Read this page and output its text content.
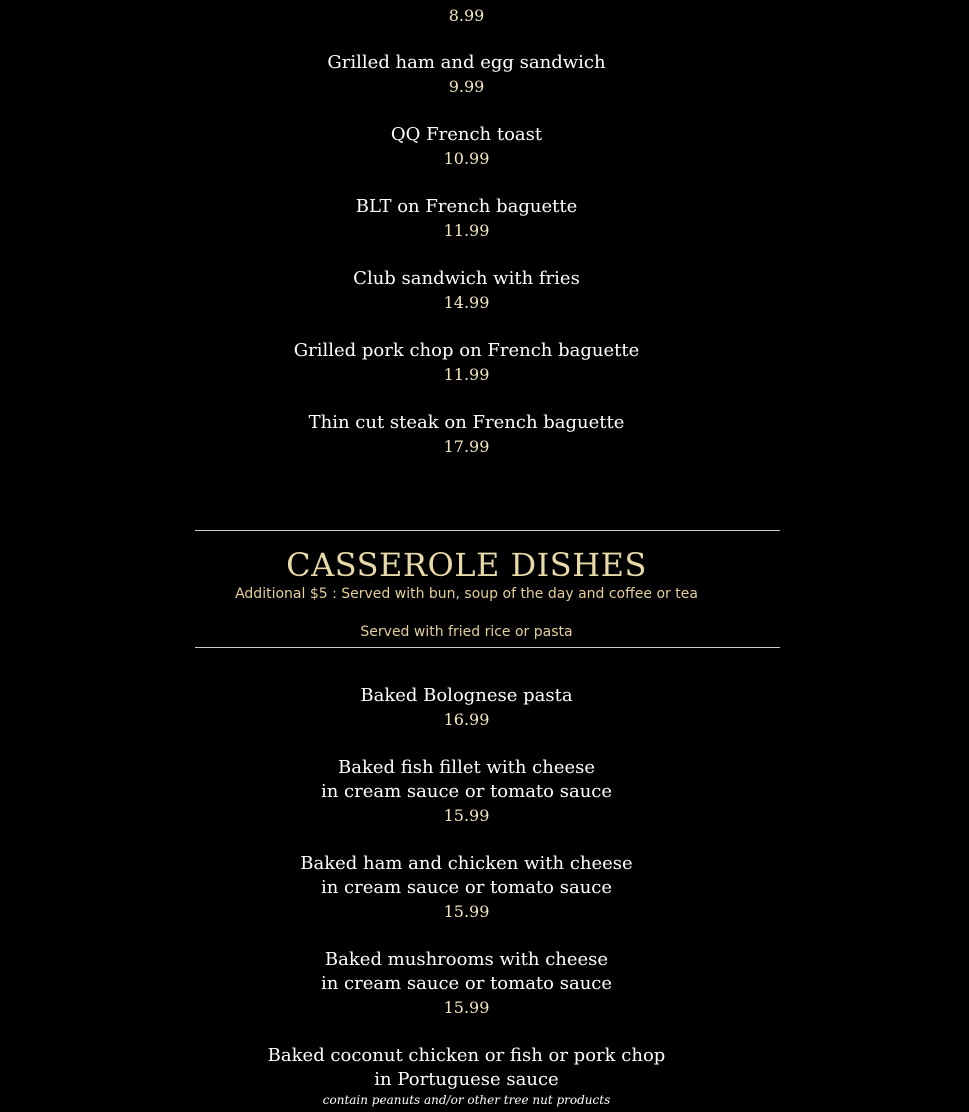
8.99
Grilled ham and egg sandwich
9.99
QQ French toast
10.99
BLT on French baguette
11.99
Club sandwich with fries
14.99
Grilled pork chop on French baguette
11.99
Thin cut steak on French baguette
17.99
CASSEROLE DISHES
Additional $5 : Served with bun, soup of the day and coffee or tea
Served with fried rice or pasta
Baked Bolognese pasta
16.99
Baked fish fillet with cheese
in cream sauce or tomato sauce
15.99
Baked ham and chicken with cheese
in cream sauce or tomato sauce
15.99
Baked mushrooms with cheese
in cream sauce or tomato sauce
15.99
Baked coconut chicken or fish or pork chop
in Portuguese sauce
contain peanuts and/or other tree nut products
